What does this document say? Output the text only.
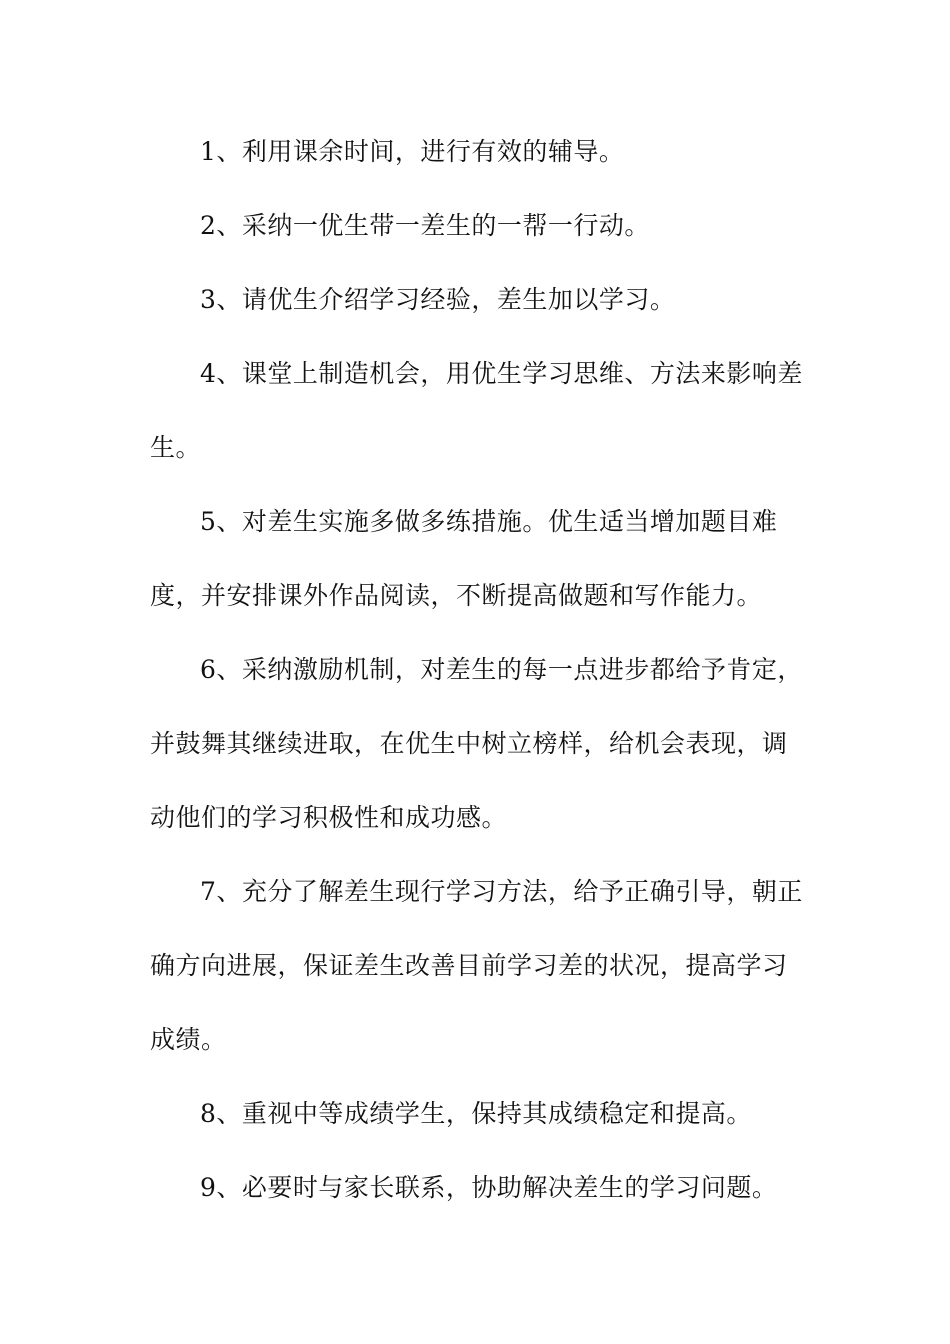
1、利用课余时间，进行有效的辅导。

2、采纳一优生带一差生的一帮一行动。

3、请优生介绍学习经验，差生加以学习。

4、课堂上制造机会，用优生学习思维、方法来影响差
生。

5、对差生实施多做多练措施。优生适当增加题目难
度，并安排课外作品阅读，不断提高做题和写作能力。

6、采纳激励机制，对差生的每一点进步都给予肯定，
并鼓舞其继续进取，在优生中树立榜样，给机会表现，调
动他们的学习积极性和成功感。

7、充分了解差生现行学习方法，给予正确引导，朝正
确方向进展，保证差生改善目前学习差的状况，提高学习
成绩。

8、重视中等成绩学生，保持其成绩稳定和提高。

9、必要时与家长联系，协助解决差生的学习问题。
